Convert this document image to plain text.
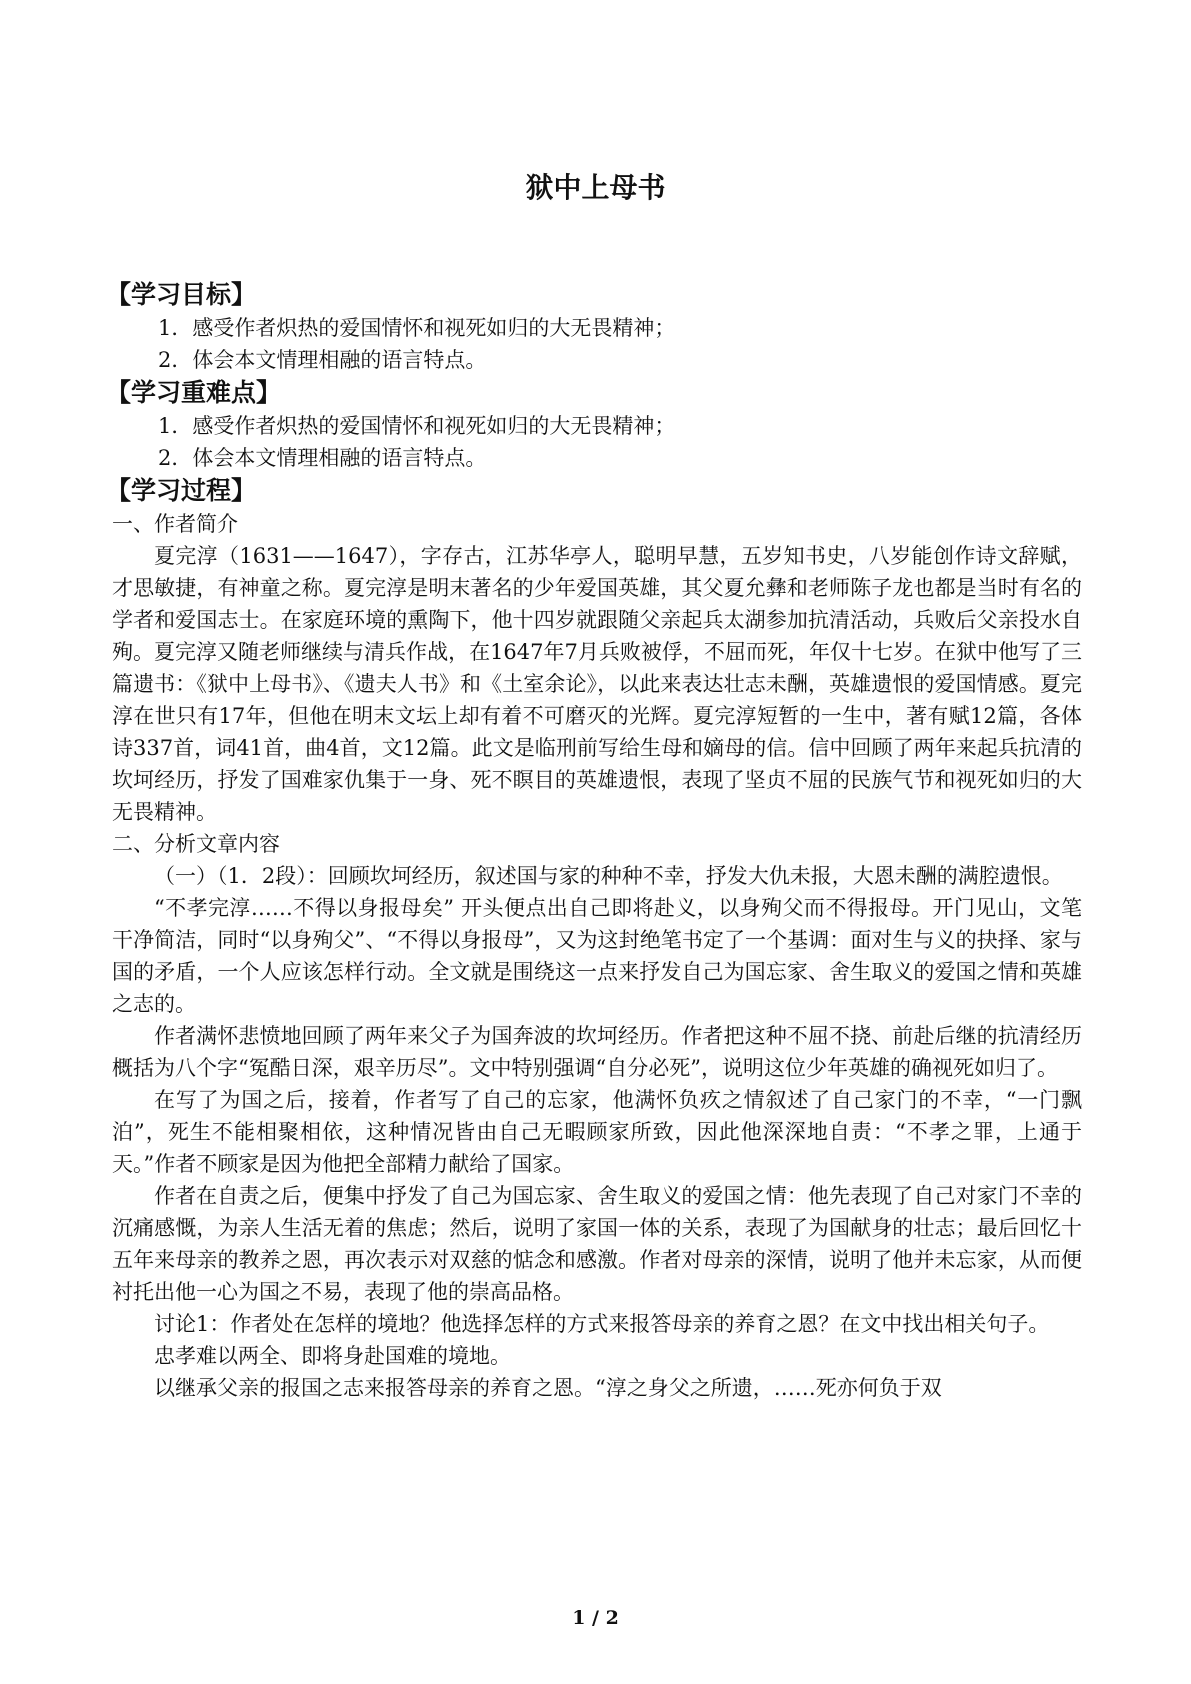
狱中上母书
【学习目标】
1．感受作者炽热的爱国情怀和视死如归的大无畏精神；
2．体会本文情理相融的语言特点。
【学习重难点】
1．感受作者炽热的爱国情怀和视死如归的大无畏精神；
2．体会本文情理相融的语言特点。
【学习过程】
一、作者简介

夏完淳（1631——1647），字存古，江苏华亭人，聪明早慧，五岁知书史，八岁能创作诗文辞赋，才思敏捷，有神童之称。夏完淳是明末著名的少年爱国英雄，其父夏允彝和老师陈子龙也都是当时有名的学者和爱国志士。在家庭环境的熏陶下，他十四岁就跟随父亲起兵太湖参加抗清活动，兵败后父亲投水自殉。夏完淳又随老师继续与清兵作战，在1647年7月兵败被俘，不屈而死，年仅十七岁。在狱中他写了三篇遗书：《狱中上母书》、《遗夫人书》和《土室余论》，以此来表达壮志未酬，英雄遗恨的爱国情感。夏完淳在世只有17年，但他在明末文坛上却有着不可磨灭的光辉。夏完淳短暂的一生中，著有赋12篇，各体诗337首，词41首，曲4首，文12篇。此文是临刑前写给生母和嫡母的信。信中回顾了两年来起兵抗清的坎坷经历，抒发了国难家仇集于一身、死不瞑目的英雄遗恨，表现了坚贞不屈的民族气节和视死如归的大无畏精神。

二、分析文章内容

（一）（1．2段）：回顾坎坷经历，叙述国与家的种种不幸，抒发大仇未报，大恩未酬的满腔遗恨。

“不孝完淳……不得以身报母矣” 开头便点出自己即将赴义，以身殉父而不得报母。开门见山，文笔干净简洁，同时“以身殉父”、“不得以身报母”，又为这封绝笔书定了一个基调：面对生与义的抉择、家与国的矛盾，一个人应该怎样行动。全文就是围绕这一点来抒发自己为国忘家、舍生取义的爱国之情和英雄之志的。

作者满怀悲愤地回顾了两年来父子为国奔波的坎坷经历。作者把这种不屈不挠、前赴后继的抗清经历概括为八个字“冤酷日深，艰辛历尽”。文中特别强调“自分必死”，说明这位少年英雄的确视死如归了。

在写了为国之后，接着，作者写了自己的忘家，他满怀负疚之情叙述了自己家门的不幸，“一门飘泊”，死生不能相聚相依，这种情况皆由自己无暇顾家所致，因此他深深地自责：“不孝之罪，上通于天。”作者不顾家是因为他把全部精力献给了国家。

作者在自责之后，便集中抒发了自己为国忘家、舍生取义的爱国之情：他先表现了自己对家门不幸的沉痛感慨，为亲人生活无着的焦虑；然后，说明了家国一体的关系，表现了为国献身的壮志；最后回忆十五年来母亲的教养之恩，再次表示对双慈的惦念和感激。作者对母亲的深情，说明了他并未忘家，从而便衬托出他一心为国之不易，表现了他的崇高品格。

讨论1：作者处在怎样的境地？他选择怎样的方式来报答母亲的养育之恩？在文中找出相关句子。

忠孝难以两全、即将身赴国难的境地。

以继承父亲的报国之志来报答母亲的养育之恩。“淳之身父之所遗，……死亦何负于双

1 / 2
